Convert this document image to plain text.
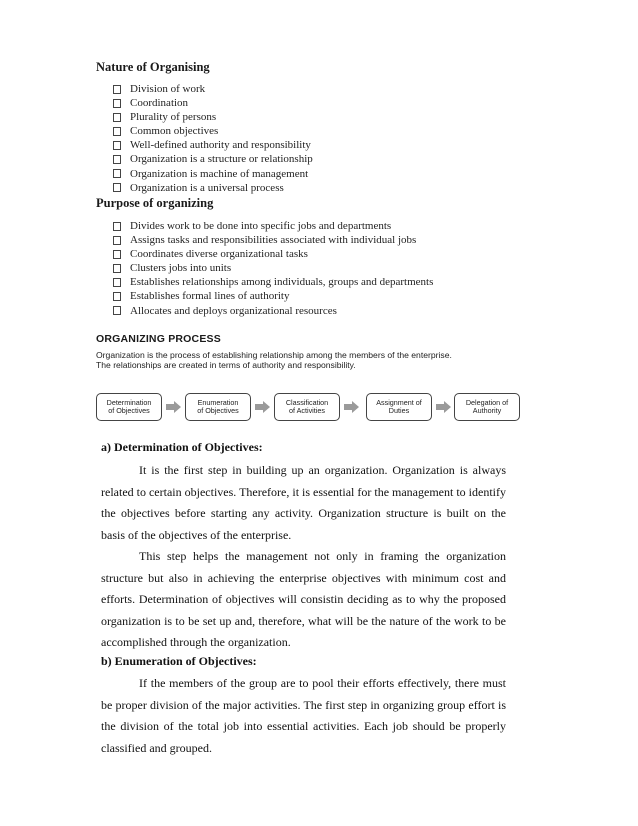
Nature of Organising
Division of work
Coordination
Plurality of persons
Common objectives
Well-defined authority and responsibility
Organization is a structure or relationship
Organization is machine of management
Organization is a universal process
Purpose of organizing
Divides work to be done into specific jobs and departments
Assigns tasks and responsibilities associated with individual jobs
Coordinates diverse organizational tasks
Clusters jobs into units
Establishes relationships among individuals, groups and departments
Establishes formal lines of authority
Allocates and deploys organizational resources
ORGANIZING PROCESS
Organization is the process of establishing relationship among the members of the enterprise.
The relationships are created in terms of authority and responsibility.
Determination
of Objectives
Enumeration
of Objectives
Classification
of Activities
Assignment of
Duties
Delegation of
Authority
a) Determination of Objectives:
It is the first step in building up an organization. Organization is always related to certain objectives. Therefore, it is essential for the management to identify the objectives before starting any activity. Organization structure is built on the basis of the objectives of the enterprise.
This step helps the management not only in framing the organization structure but also in achieving the enterprise objectives with minimum cost and efforts. Determination of objectives will consistin deciding as to why the proposed organization is to be set up and, therefore, what will be the nature of the work to be accomplished through the organization.
b) Enumeration of Objectives:
If the members of the group are to pool their efforts effectively, there must be proper division of the major activities. The first step in organizing group effort is the division of the total job into essential activities. Each job should be properly classified and grouped.
